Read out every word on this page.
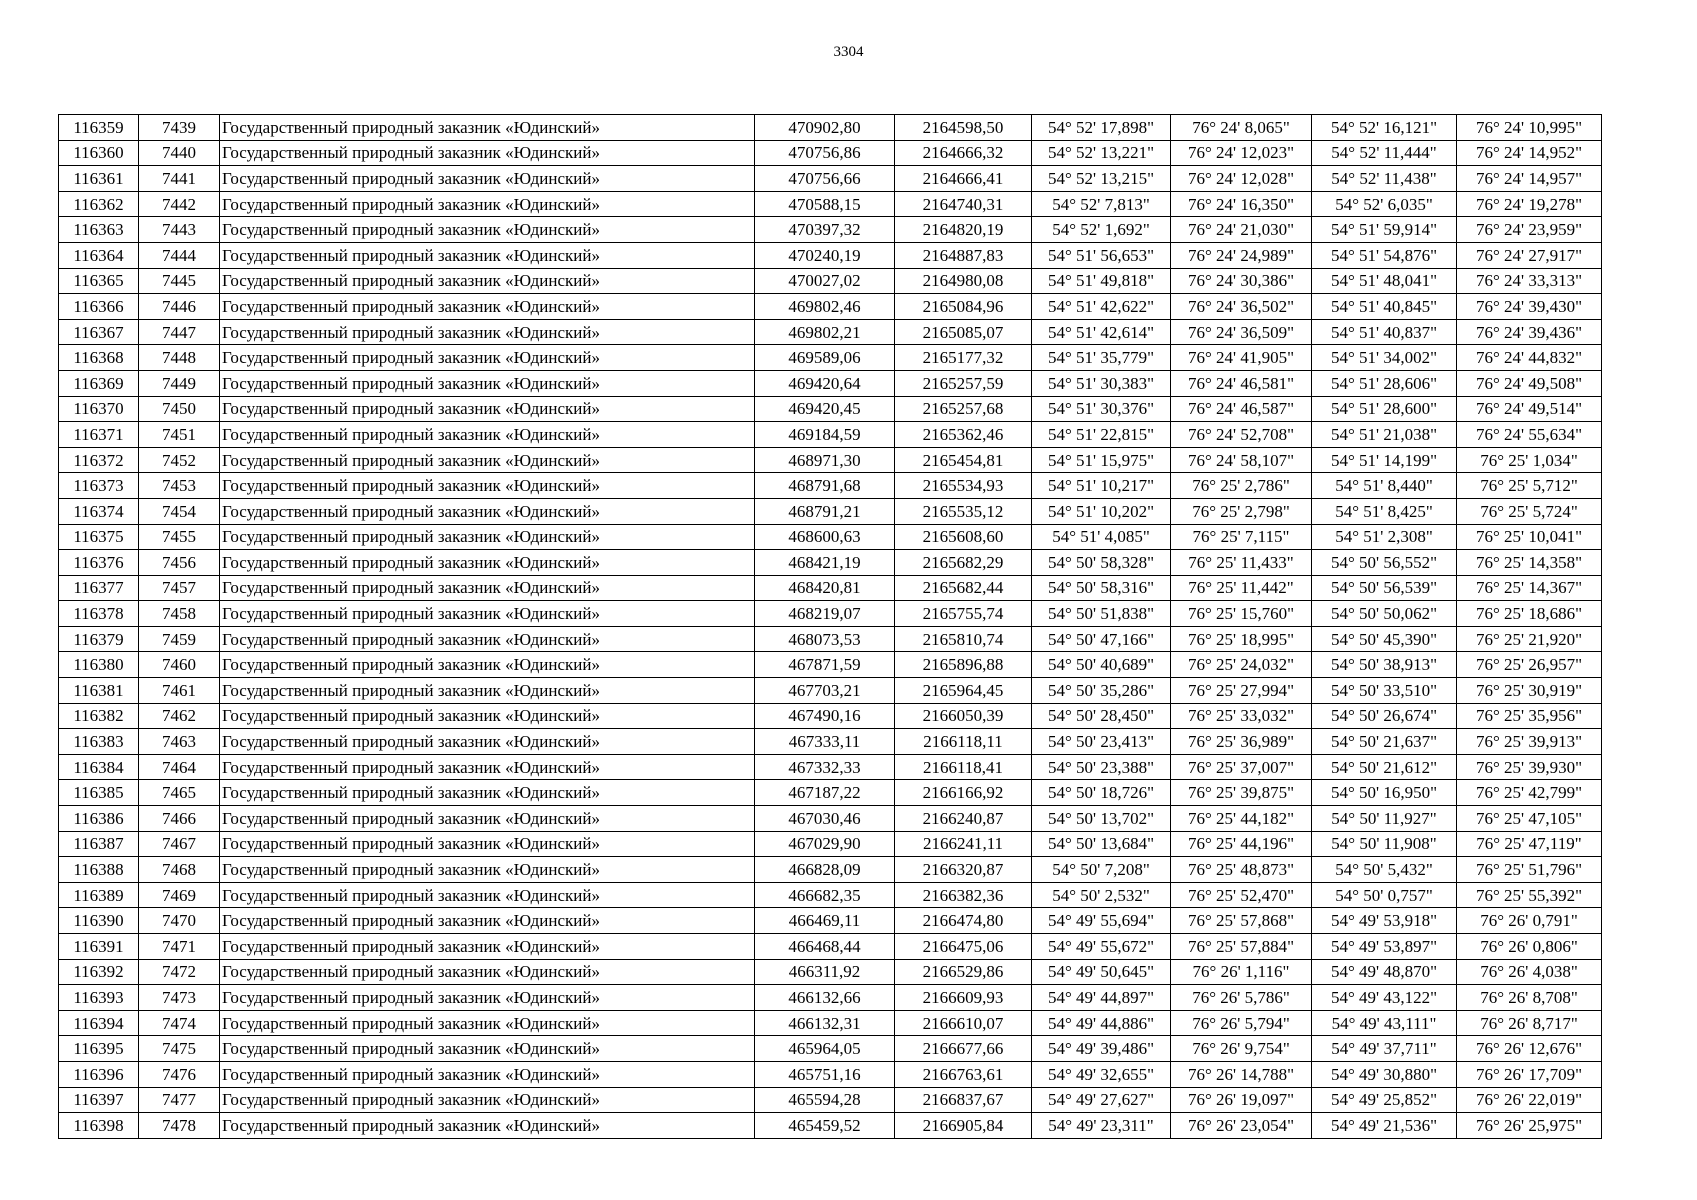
3304
116359	7439	Государственный природный заказник «Юдинский»	470902,80	2164598,50	54° 52' 17,898"	76° 24' 8,065"	54° 52' 16,121"	76° 24' 10,995"
116360	7440	Государственный природный заказник «Юдинский»	470756,86	2164666,32	54° 52' 13,221"	76° 24' 12,023"	54° 52' 11,444"	76° 24' 14,952"
116361	7441	Государственный природный заказник «Юдинский»	470756,66	2164666,41	54° 52' 13,215"	76° 24' 12,028"	54° 52' 11,438"	76° 24' 14,957"
116362	7442	Государственный природный заказник «Юдинский»	470588,15	2164740,31	54° 52' 7,813"	76° 24' 16,350"	54° 52' 6,035"	76° 24' 19,278"
116363	7443	Государственный природный заказник «Юдинский»	470397,32	2164820,19	54° 52' 1,692"	76° 24' 21,030"	54° 51' 59,914"	76° 24' 23,959"
116364	7444	Государственный природный заказник «Юдинский»	470240,19	2164887,83	54° 51' 56,653"	76° 24' 24,989"	54° 51' 54,876"	76° 24' 27,917"
116365	7445	Государственный природный заказник «Юдинский»	470027,02	2164980,08	54° 51' 49,818"	76° 24' 30,386"	54° 51' 48,041"	76° 24' 33,313"
116366	7446	Государственный природный заказник «Юдинский»	469802,46	2165084,96	54° 51' 42,622"	76° 24' 36,502"	54° 51' 40,845"	76° 24' 39,430"
116367	7447	Государственный природный заказник «Юдинский»	469802,21	2165085,07	54° 51' 42,614"	76° 24' 36,509"	54° 51' 40,837"	76° 24' 39,436"
116368	7448	Государственный природный заказник «Юдинский»	469589,06	2165177,32	54° 51' 35,779"	76° 24' 41,905"	54° 51' 34,002"	76° 24' 44,832"
116369	7449	Государственный природный заказник «Юдинский»	469420,64	2165257,59	54° 51' 30,383"	76° 24' 46,581"	54° 51' 28,606"	76° 24' 49,508"
116370	7450	Государственный природный заказник «Юдинский»	469420,45	2165257,68	54° 51' 30,376"	76° 24' 46,587"	54° 51' 28,600"	76° 24' 49,514"
116371	7451	Государственный природный заказник «Юдинский»	469184,59	2165362,46	54° 51' 22,815"	76° 24' 52,708"	54° 51' 21,038"	76° 24' 55,634"
116372	7452	Государственный природный заказник «Юдинский»	468971,30	2165454,81	54° 51' 15,975"	76° 24' 58,107"	54° 51' 14,199"	76° 25' 1,034"
116373	7453	Государственный природный заказник «Юдинский»	468791,68	2165534,93	54° 51' 10,217"	76° 25' 2,786"	54° 51' 8,440"	76° 25' 5,712"
116374	7454	Государственный природный заказник «Юдинский»	468791,21	2165535,12	54° 51' 10,202"	76° 25' 2,798"	54° 51' 8,425"	76° 25' 5,724"
116375	7455	Государственный природный заказник «Юдинский»	468600,63	2165608,60	54° 51' 4,085"	76° 25' 7,115"	54° 51' 2,308"	76° 25' 10,041"
116376	7456	Государственный природный заказник «Юдинский»	468421,19	2165682,29	54° 50' 58,328"	76° 25' 11,433"	54° 50' 56,552"	76° 25' 14,358"
116377	7457	Государственный природный заказник «Юдинский»	468420,81	2165682,44	54° 50' 58,316"	76° 25' 11,442"	54° 50' 56,539"	76° 25' 14,367"
116378	7458	Государственный природный заказник «Юдинский»	468219,07	2165755,74	54° 50' 51,838"	76° 25' 15,760"	54° 50' 50,062"	76° 25' 18,686"
116379	7459	Государственный природный заказник «Юдинский»	468073,53	2165810,74	54° 50' 47,166"	76° 25' 18,995"	54° 50' 45,390"	76° 25' 21,920"
116380	7460	Государственный природный заказник «Юдинский»	467871,59	2165896,88	54° 50' 40,689"	76° 25' 24,032"	54° 50' 38,913"	76° 25' 26,957"
116381	7461	Государственный природный заказник «Юдинский»	467703,21	2165964,45	54° 50' 35,286"	76° 25' 27,994"	54° 50' 33,510"	76° 25' 30,919"
116382	7462	Государственный природный заказник «Юдинский»	467490,16	2166050,39	54° 50' 28,450"	76° 25' 33,032"	54° 50' 26,674"	76° 25' 35,956"
116383	7463	Государственный природный заказник «Юдинский»	467333,11	2166118,11	54° 50' 23,413"	76° 25' 36,989"	54° 50' 21,637"	76° 25' 39,913"
116384	7464	Государственный природный заказник «Юдинский»	467332,33	2166118,41	54° 50' 23,388"	76° 25' 37,007"	54° 50' 21,612"	76° 25' 39,930"
116385	7465	Государственный природный заказник «Юдинский»	467187,22	2166166,92	54° 50' 18,726"	76° 25' 39,875"	54° 50' 16,950"	76° 25' 42,799"
116386	7466	Государственный природный заказник «Юдинский»	467030,46	2166240,87	54° 50' 13,702"	76° 25' 44,182"	54° 50' 11,927"	76° 25' 47,105"
116387	7467	Государственный природный заказник «Юдинский»	467029,90	2166241,11	54° 50' 13,684"	76° 25' 44,196"	54° 50' 11,908"	76° 25' 47,119"
116388	7468	Государственный природный заказник «Юдинский»	466828,09	2166320,87	54° 50' 7,208"	76° 25' 48,873"	54° 50' 5,432"	76° 25' 51,796"
116389	7469	Государственный природный заказник «Юдинский»	466682,35	2166382,36	54° 50' 2,532"	76° 25' 52,470"	54° 50' 0,757"	76° 25' 55,392"
116390	7470	Государственный природный заказник «Юдинский»	466469,11	2166474,80	54° 49' 55,694"	76° 25' 57,868"	54° 49' 53,918"	76° 26' 0,791"
116391	7471	Государственный природный заказник «Юдинский»	466468,44	2166475,06	54° 49' 55,672"	76° 25' 57,884"	54° 49' 53,897"	76° 26' 0,806"
116392	7472	Государственный природный заказник «Юдинский»	466311,92	2166529,86	54° 49' 50,645"	76° 26' 1,116"	54° 49' 48,870"	76° 26' 4,038"
116393	7473	Государственный природный заказник «Юдинский»	466132,66	2166609,93	54° 49' 44,897"	76° 26' 5,786"	54° 49' 43,122"	76° 26' 8,708"
116394	7474	Государственный природный заказник «Юдинский»	466132,31	2166610,07	54° 49' 44,886"	76° 26' 5,794"	54° 49' 43,111"	76° 26' 8,717"
116395	7475	Государственный природный заказник «Юдинский»	465964,05	2166677,66	54° 49' 39,486"	76° 26' 9,754"	54° 49' 37,711"	76° 26' 12,676"
116396	7476	Государственный природный заказник «Юдинский»	465751,16	2166763,61	54° 49' 32,655"	76° 26' 14,788"	54° 49' 30,880"	76° 26' 17,709"
116397	7477	Государственный природный заказник «Юдинский»	465594,28	2166837,67	54° 49' 27,627"	76° 26' 19,097"	54° 49' 25,852"	76° 26' 22,019"
116398	7478	Государственный природный заказник «Юдинский»	465459,52	2166905,84	54° 49' 23,311"	76° 26' 23,054"	54° 49' 21,536"	76° 26' 25,975"
